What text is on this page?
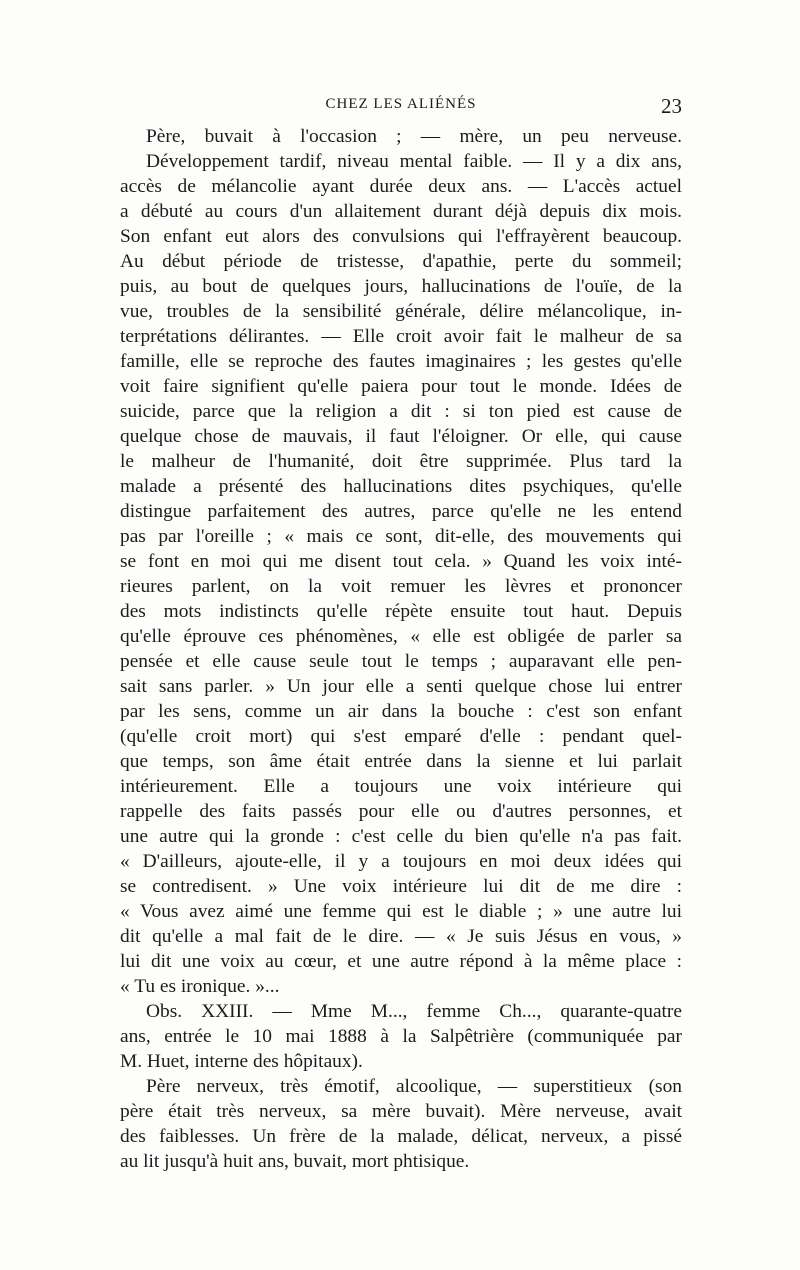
CHEZ LES ALIÉNÉS	23
Père, buvait à l'occasion ; — mère, un peu nerveuse.
Développement tardif, niveau mental faible. — Il y a dix ans,
accès de mélancolie ayant durée deux ans. — L'accès actuel
a débuté au cours d'un allaitement durant déjà depuis dix mois.
Son enfant eut alors des convulsions qui l'effrayèrent beaucoup.
Au début période de tristesse, d'apathie, perte du sommeil;
puis, au bout de quelques jours, hallucinations de l'ouïe, de la
vue, troubles de la sensibilité générale, délire mélancolique, in-
terprétations délirantes. — Elle croit avoir fait le malheur de sa
famille, elle se reproche des fautes imaginaires ; les gestes qu'elle
voit faire signifient qu'elle paiera pour tout le monde. Idées de
suicide, parce que la religion a dit : si ton pied est cause de
quelque chose de mauvais, il faut l'éloigner. Or elle, qui cause
le malheur de l'humanité, doit être supprimée. Plus tard la
malade a présenté des hallucinations dites psychiques, qu'elle
distingue parfaitement des autres, parce qu'elle ne les entend
pas par l'oreille ; « mais ce sont, dit-elle, des mouvements qui
se font en moi qui me disent tout cela. » Quand les voix inté-
rieures parlent, on la voit remuer les lèvres et prononcer
des mots indistincts qu'elle répète ensuite tout haut. Depuis
qu'elle éprouve ces phénomènes, « elle est obligée de parler sa
pensée et elle cause seule tout le temps ; auparavant elle pen-
sait sans parler. » Un jour elle a senti quelque chose lui entrer
par les sens, comme un air dans la bouche : c'est son enfant
(qu'elle croit mort) qui s'est emparé d'elle : pendant quel-
que temps, son âme était entrée dans la sienne et lui parlait
intérieurement. Elle a toujours une voix intérieure qui
rappelle des faits passés pour elle ou d'autres personnes, et
une autre qui la gronde : c'est celle du bien qu'elle n'a pas fait.
« D'ailleurs, ajoute-elle, il y a toujours en moi deux idées qui
se contredisent. » Une voix intérieure lui dit de me dire :
« Vous avez aimé une femme qui est le diable ; » une autre lui
dit qu'elle a mal fait de le dire. — « Je suis Jésus en vous, »
lui dit une voix au cœur, et une autre répond à la même place :
« Tu es ironique. »...
Obs. XXIII. — Mme M..., femme Ch..., quarante-quatre
ans, entrée le 10 mai 1888 à la Salpêtrière (communiquée par
M. Huet, interne des hôpitaux).
Père nerveux, très émotif, alcoolique, — superstitieux (son
père était très nerveux, sa mère buvait). Mère nerveuse, avait
des faiblesses. Un frère de la malade, délicat, nerveux, a pissé
au lit jusqu'à huit ans, buvait, mort phtisique.
